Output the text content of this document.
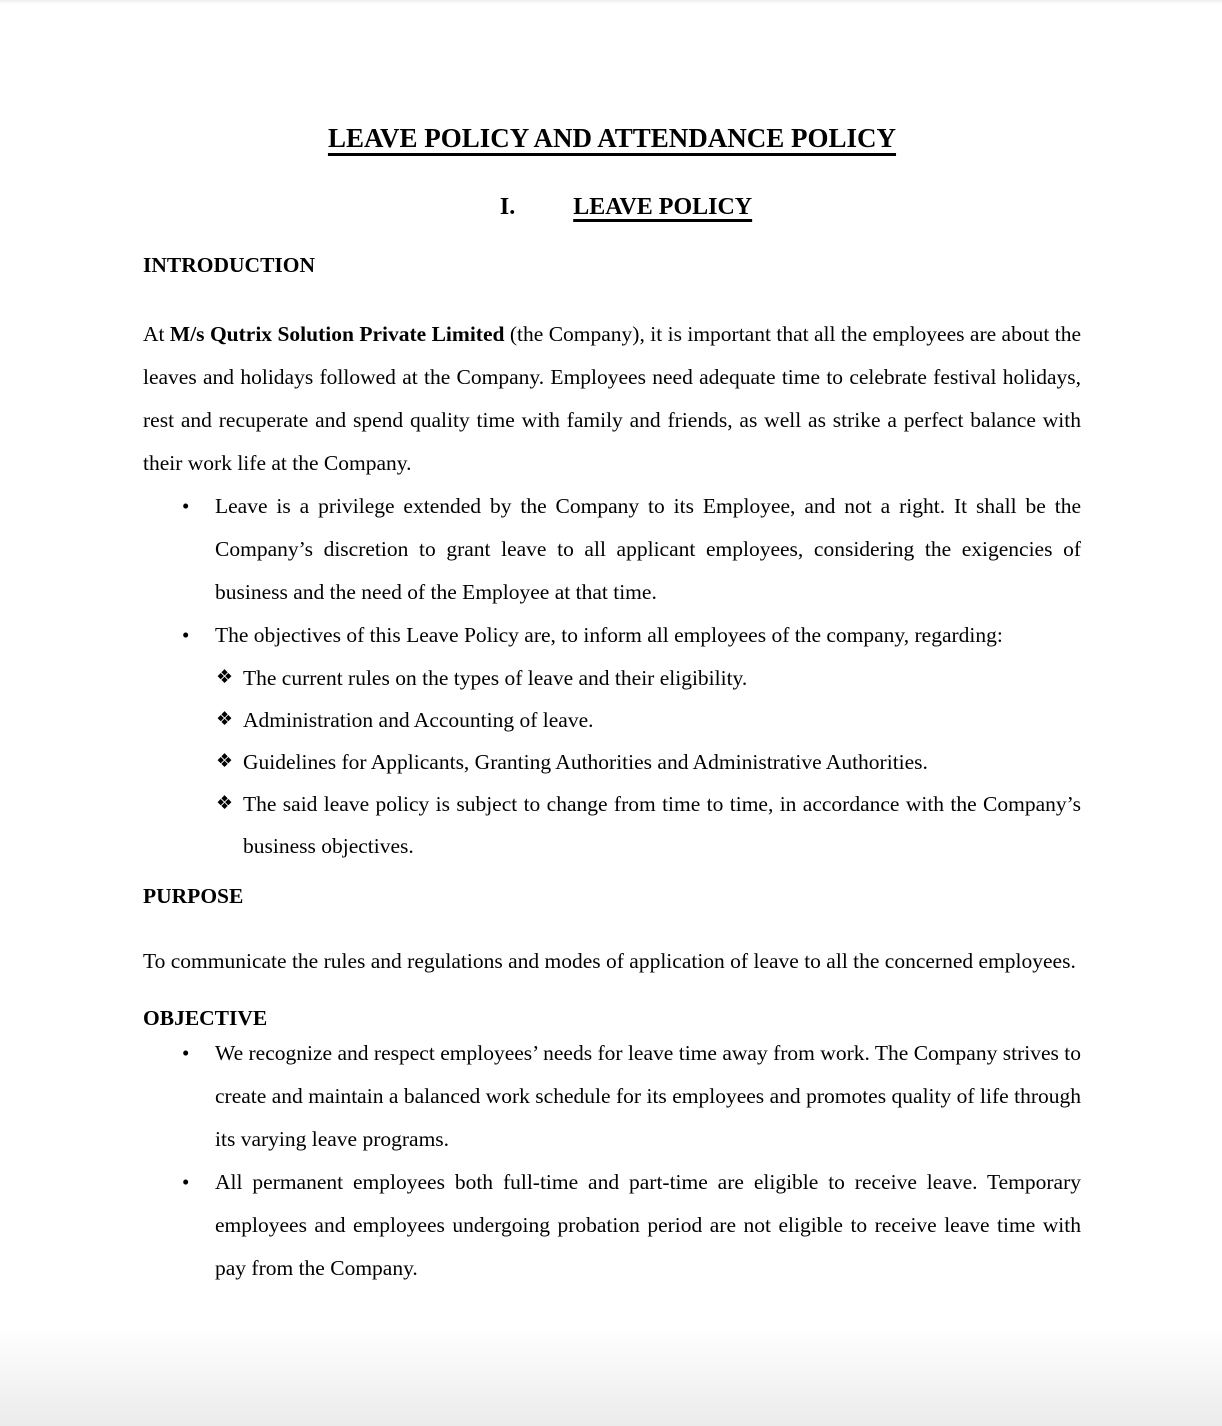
LEAVE POLICY AND ATTENDANCE POLICY
I. LEAVE POLICY
INTRODUCTION

At M/s Qutrix Solution Private Limited (the Company), it is important that all the employees are about the leaves and holidays followed at the Company. Employees need adequate time to celebrate festival holidays, rest and recuperate and spend quality time with family and friends, as well as strike a perfect balance with their work life at the Company.

• Leave is a privilege extended by the Company to its Employee, and not a right. It shall be the Company’s discretion to grant leave to all applicant employees, considering the exigencies of business and the need of the Employee at that time.
• The objectives of this Leave Policy are, to inform all employees of the company, regarding:
❖ The current rules on the types of leave and their eligibility.
❖ Administration and Accounting of leave.
❖ Guidelines for Applicants, Granting Authorities and Administrative Authorities.
❖ The said leave policy is subject to change from time to time, in accordance with the Company’s business objectives.
PURPOSE

To communicate the rules and regulations and modes of application of leave to all the concerned employees.

OBJECTIVE
• We recognize and respect employees’ needs for leave time away from work. The Company strives to create and maintain a balanced work schedule for its employees and promotes quality of life through its varying leave programs.
• All permanent employees both full-time and part-time are eligible to receive leave. Temporary employees and employees undergoing probation period are not eligible to receive leave time with pay from the Company.
